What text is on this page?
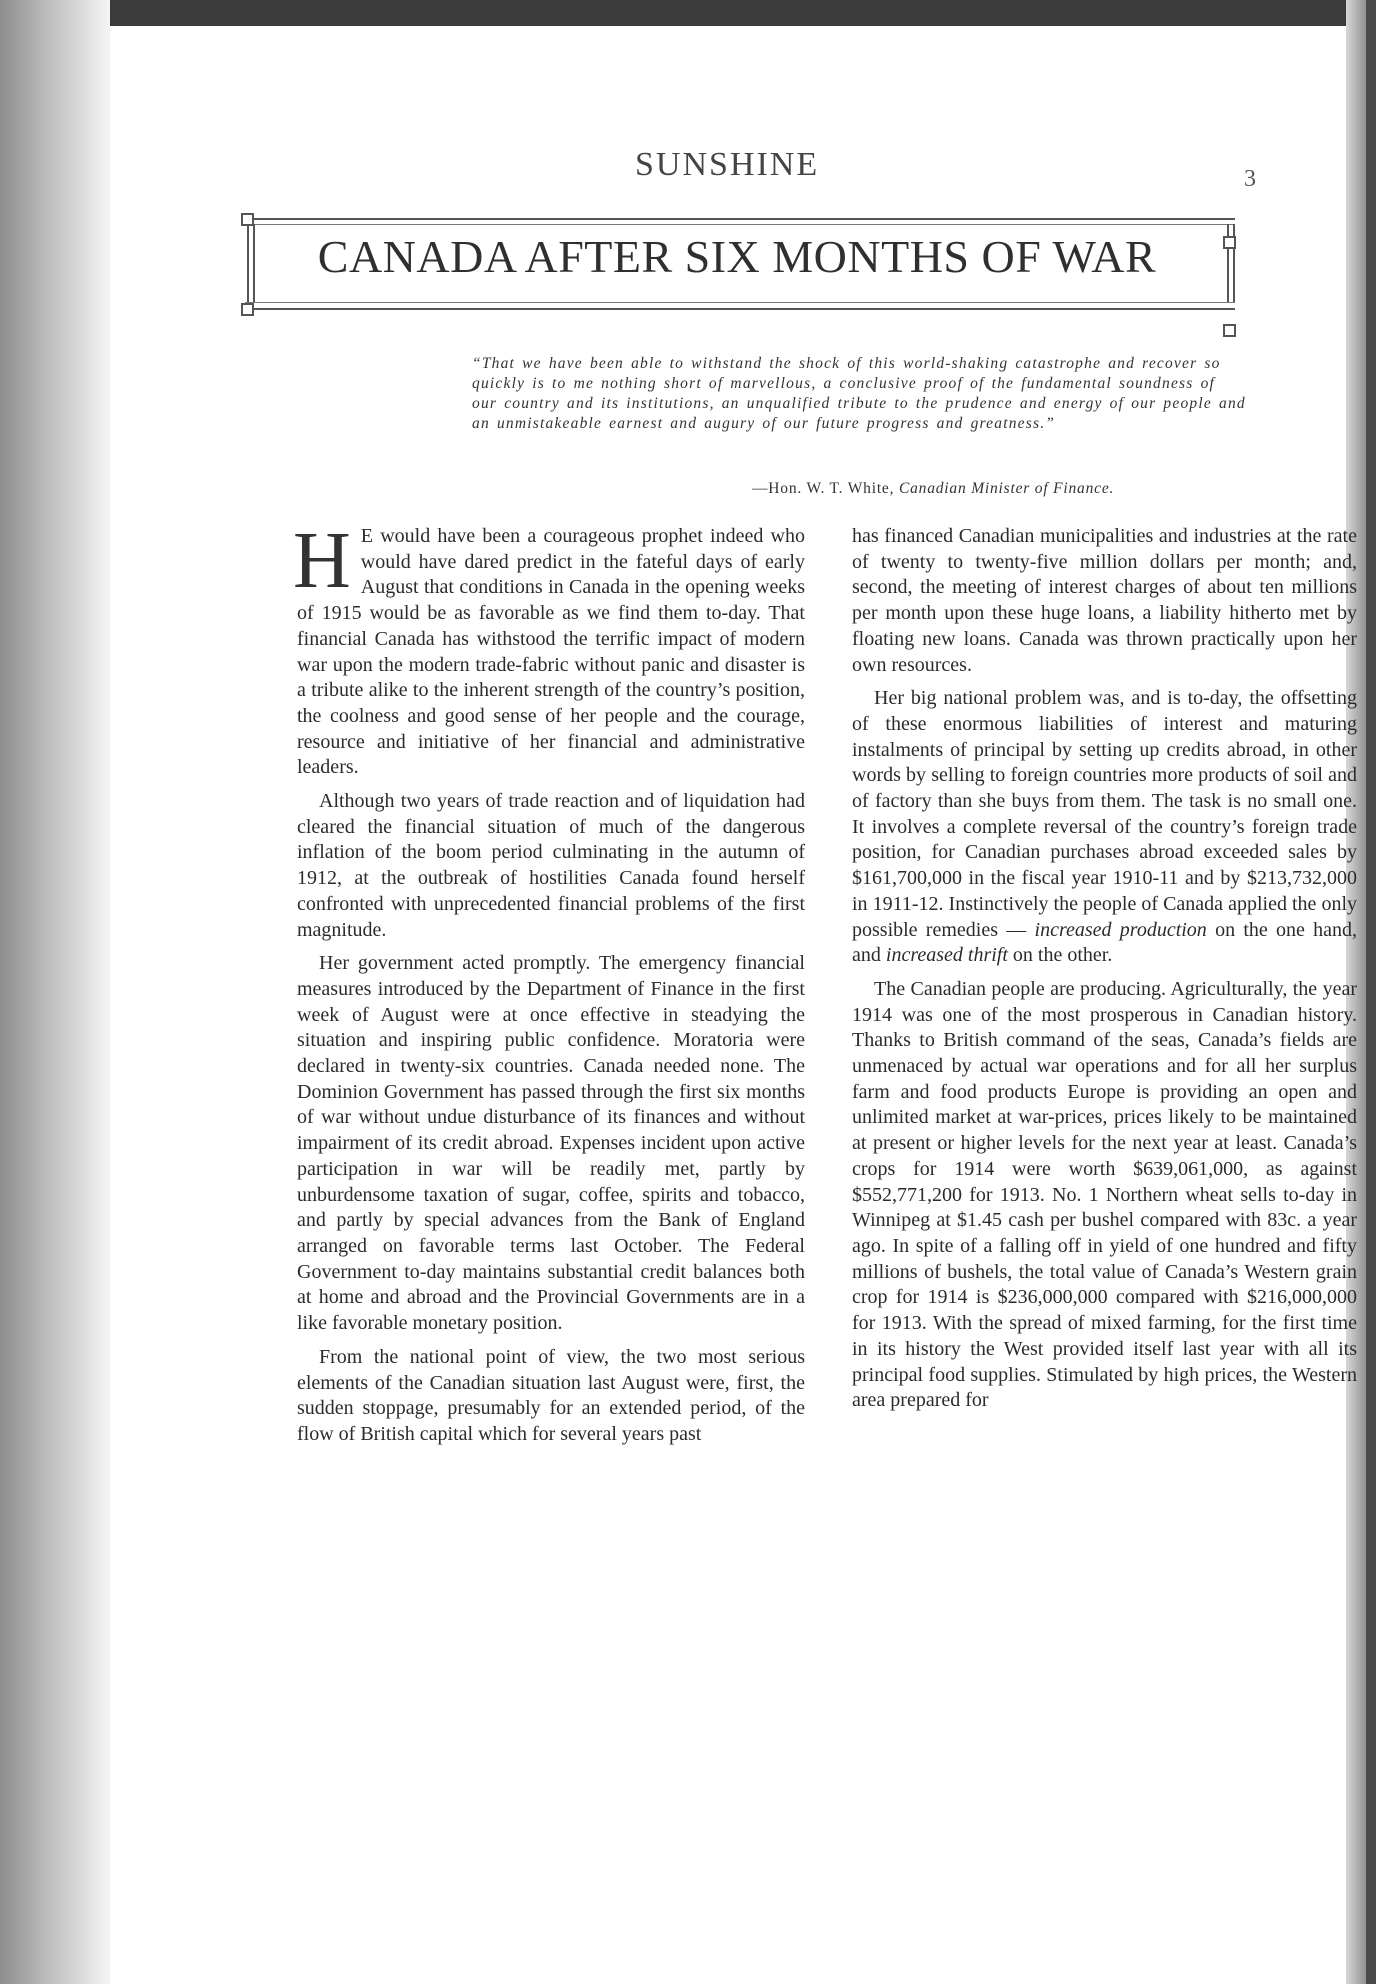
SUNSHINE	3
CANADA AFTER SIX MONTHS OF WAR
“That we have been able to withstand the shock of this world-shaking catastrophe and recover so quickly is to me nothing short of marvellous, a conclusive proof of the fundamental soundness of our country and its institutions, an unqualified tribute to the prudence and energy of our people and an unmistakeable earnest and augury of our future progress and greatness.”
—Hon. W. T. White, Canadian Minister of Finance.

H E would have been a courageous prophet indeed who would have dared predict in the fateful days of early August that conditions in Canada in the opening weeks of 1915 would be as favorable as we find them to-day. That financial Canada has withstood the terrific impact of modern war upon the modern trade-fabric without panic and disaster is a tribute alike to the inherent strength of the country’s position, the coolness and good sense of her people and the courage, resource and initiative of her financial and administrative leaders.

Although two years of trade reaction and of liquidation had cleared the financial situation of much of the dangerous inflation of the boom period culminating in the autumn of 1912, at the outbreak of hostilities Canada found herself confronted with unprecedented financial problems of the first magnitude.

Her government acted promptly. The emergency financial measures introduced by the Department of Finance in the first week of August were at once effective in steadying the situation and inspiring public confidence. Moratoria were declared in twenty-six countries. Canada needed none. The Dominion Government has passed through the first six months of war without undue disturbance of its finances and without impairment of its credit abroad. Expenses incident upon active participation in war will be readily met, partly by unburdensome taxation of sugar, coffee, spirits and tobacco, and partly by special advances from the Bank of England arranged on favorable terms last October. The Federal Government to-day maintains substantial credit balances both at home and abroad and the Provincial Governments are in a like favorable monetary position.

From the national point of view, the two most serious elements of the Canadian situation last August were, first, the sudden stoppage, presumably for an extended period, of the flow of British capital which for several years past

has financed Canadian municipalities and industries at the rate of twenty to twenty-five million dollars per month; and, second, the meeting of interest charges of about ten millions per month upon these huge loans, a liability hitherto met by floating new loans. Canada was thrown practically upon her own resources.

Her big national problem was, and is to-day, the offsetting of these enormous liabilities of interest and maturing instalments of principal by setting up credits abroad, in other words by selling to foreign countries more products of soil and of factory than she buys from them. The task is no small one. It involves a complete reversal of the country’s foreign trade position, for Canadian purchases abroad exceeded sales by $161,700,000 in the fiscal year 1910-11 and by $213,732,000 in 1911-12. Instinctively the people of Canada applied the only possible remedies — increased production on the one hand, and increased thrift on the other.

The Canadian people are producing. Agriculturally, the year 1914 was one of the most prosperous in Canadian history. Thanks to British command of the seas, Canada’s fields are unmenaced by actual war operations and for all her surplus farm and food products Europe is providing an open and unlimited market at war-prices, prices likely to be maintained at present or higher levels for the next year at least. Canada’s crops for 1914 were worth $639,061,000, as against $552,771,200 for 1913. No. 1 Northern wheat sells to-day in Winnipeg at $1.45 cash per bushel compared with 83c. a year ago. In spite of a falling off in yield of one hundred and fifty millions of bushels, the total value of Canada’s Western grain crop for 1914 is $236,000,000 compared with $216,000,000 for 1913. With the spread of mixed farming, for the first time in its history the West provided itself last year with all its principal food supplies. Stimulated by high prices, the Western area prepared for
